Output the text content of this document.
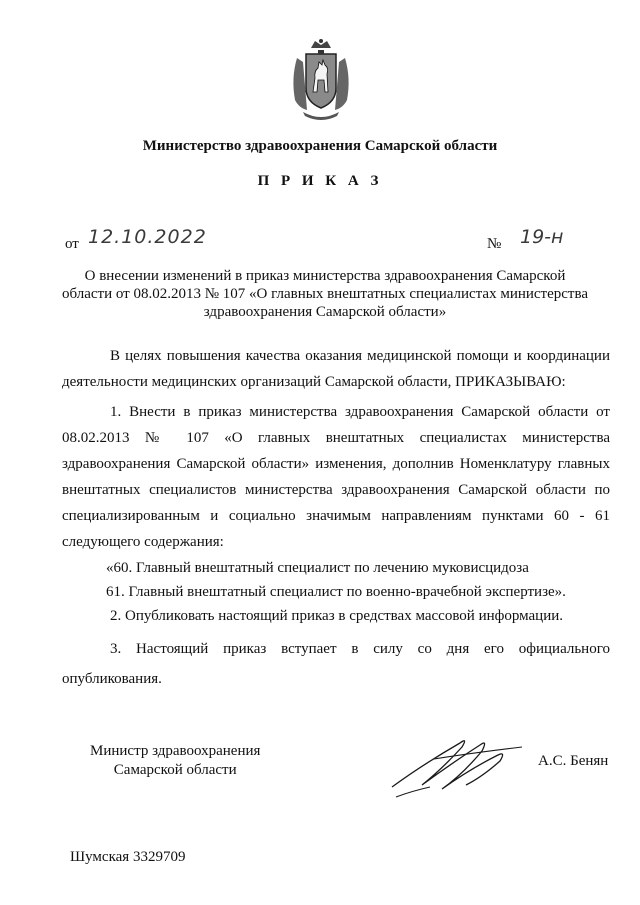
Министерство здравоохранения Самарской области
П Р И К А З
от 12.10.2022	№ 19-н
О внесении изменений в приказ министерства здравоохранения Самарской области от 08.02.2013 № 107 «О главных внештатных специалистах министерства здравоохранения Самарской области»
В целях повышения качества оказания медицинской помощи и координации деятельности медицинских организаций Самарской области, ПРИКАЗЫВАЮ:
1. Внести в приказ министерства здравоохранения Самарской области от 08.02.2013 № 107 «О главных внештатных специалистах министерства здравоохранения Самарской области» изменения, дополнив Номенклатуру главных внештатных специалистов министерства здравоохранения Самарской области по специализированным и социально значимым направлениям пунктами 60 - 61 следующего содержания:
«60. Главный внештатный специалист по лечению муковисцидоза
61. Главный внештатный специалист по военно-врачебной экспертизе».
2. Опубликовать настоящий приказ в средствах массовой информации.
3. Настоящий приказ вступает в силу со дня его официального опубликования.
Министр здравоохранения
Самарской области
А.С. Бенян
Шумская 3329709
